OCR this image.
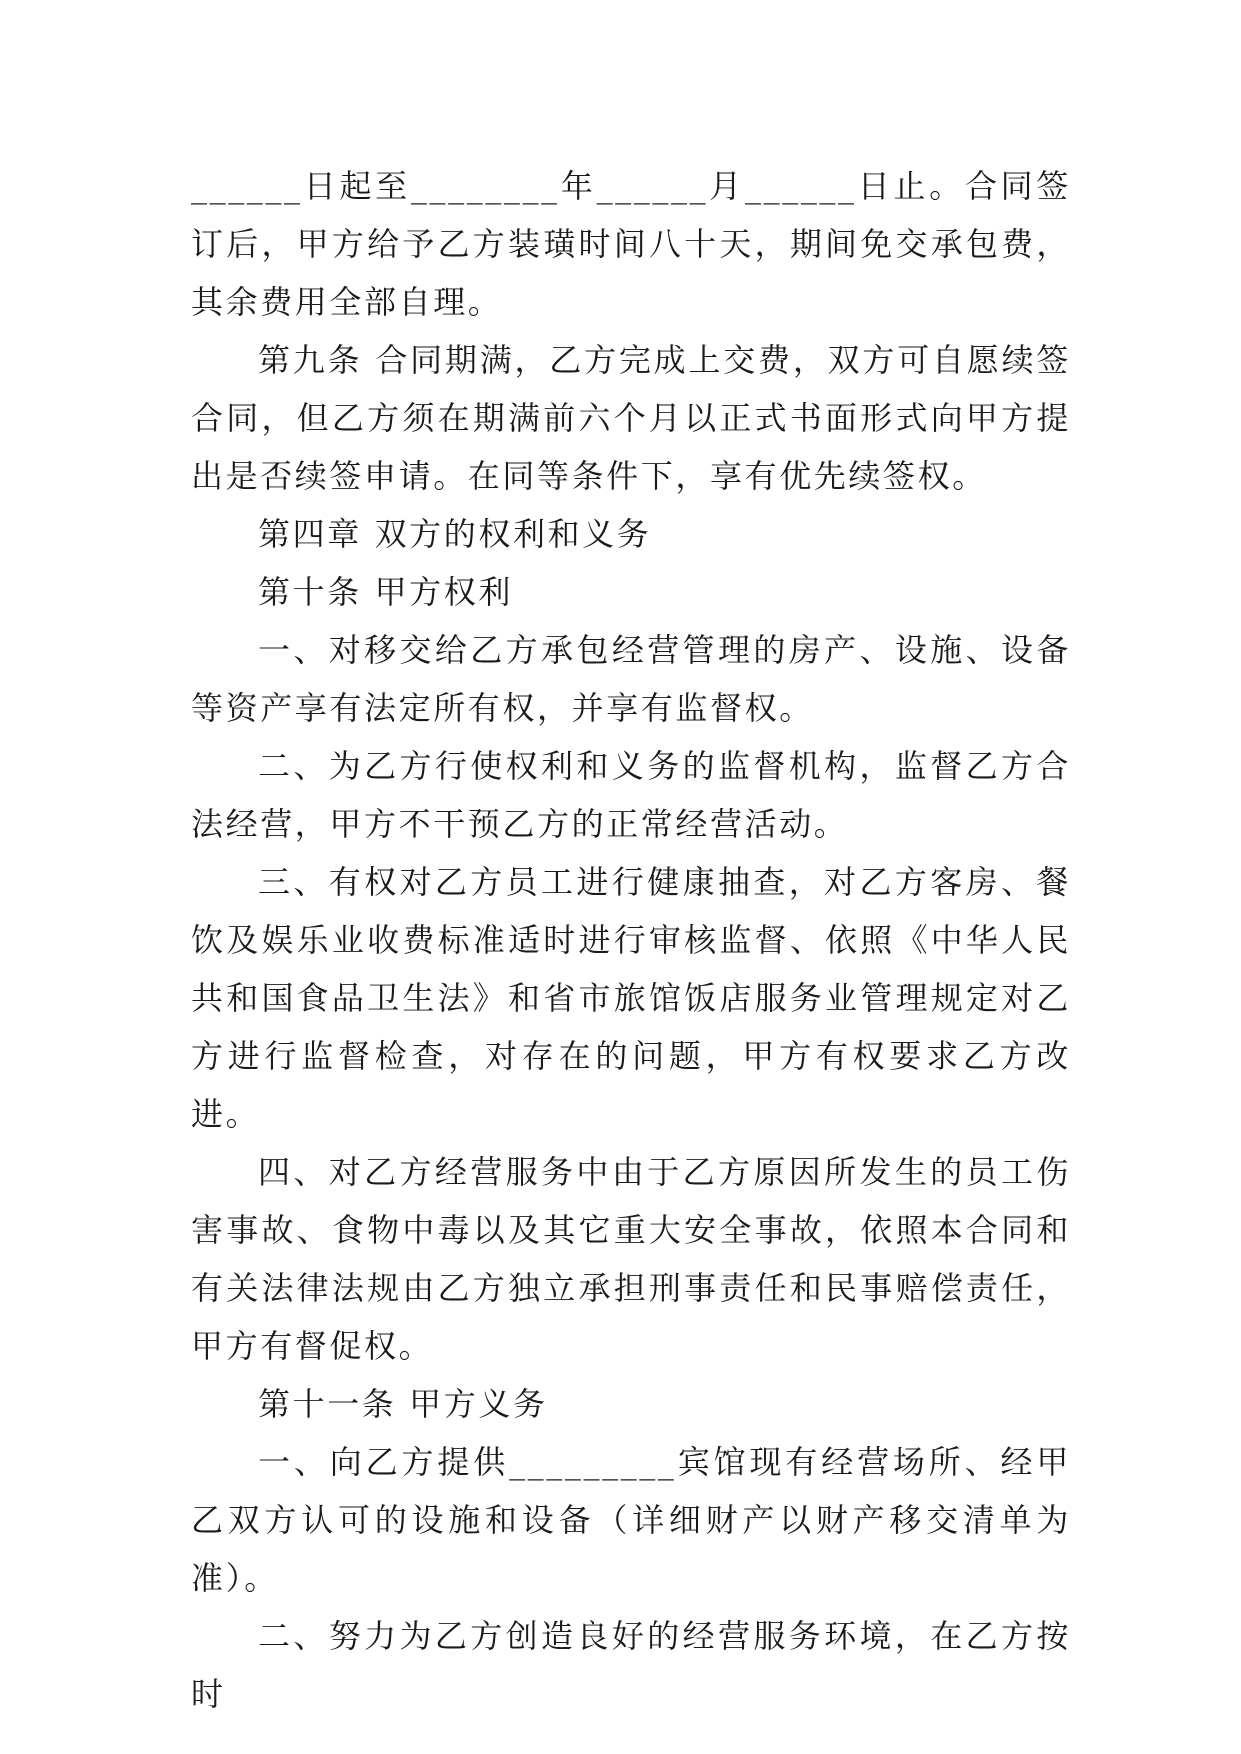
______日起至________年______月______日止。合同签订后，甲方给予乙方装璜时间八十天，期间免交承包费，其余费用全部自理。

第九条 合同期满，乙方完成上交费，双方可自愿续签合同，但乙方须在期满前六个月以正式书面形式向甲方提出是否续签申请。在同等条件下，享有优先续签权。

第四章 双方的权利和义务

第十条 甲方权利

一、对移交给乙方承包经营管理的房产、设施、设备等资产享有法定所有权，并享有监督权。

二、为乙方行使权利和义务的监督机构，监督乙方合法经营，甲方不干预乙方的正常经营活动。

三、有权对乙方员工进行健康抽查，对乙方客房、餐饮及娱乐业收费标准适时进行审核监督、依照《中华人民共和国食品卫生法》和省市旅馆饭店服务业管理规定对乙方进行监督检查，对存在的问题，甲方有权要求乙方改进。

四、对乙方经营服务中由于乙方原因所发生的员工伤害事故、食物中毒以及其它重大安全事故，依照本合同和有关法律法规由乙方独立承担刑事责任和民事赔偿责任，甲方有督促权。

第十一条 甲方义务

一、向乙方提供_________宾馆现有经营场所、经甲乙双方认可的设施和设备（详细财产以财产移交清单为准）。

二、努力为乙方创造良好的经营服务环境，在乙方按时
